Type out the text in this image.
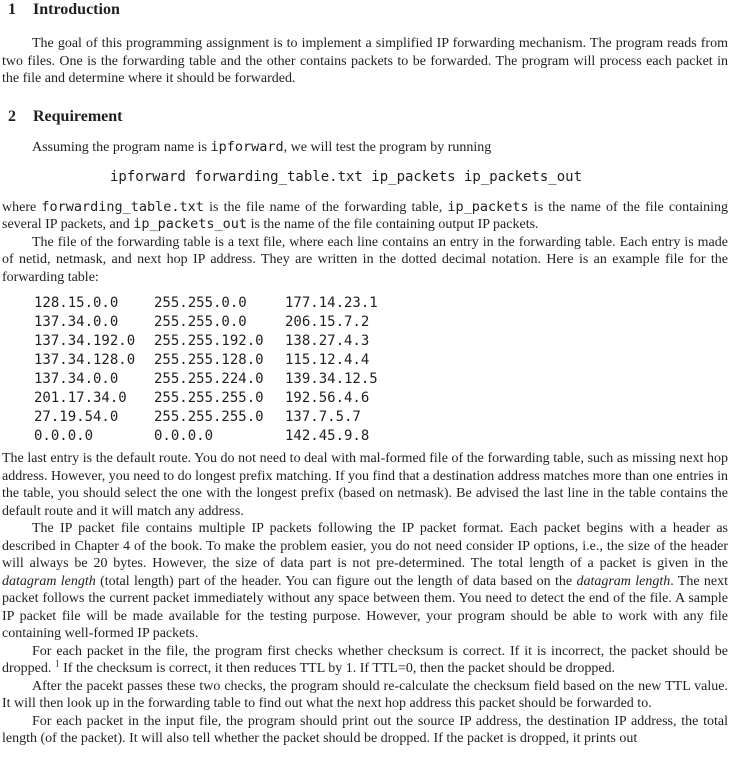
1 Introduction

The goal of this programming assignment is to implement a simplified IP forwarding mechanism. The program reads from two files. One is the forwarding table and the other contains packets to be forwarded. The program will process each packet in the file and determine where it should be forwarded.

2 Requirement

Assuming the program name is ipforward, we will test the program by running

ipforward forwarding_table.txt ip_packets ip_packets_out

where forwarding_table.txt is the file name of the forwarding table, ip_packets is the name of the file containing several IP packets, and ip_packets_out is the name of the file containing output IP packets.

The file of the forwarding table is a text file, where each line contains an entry in the forwarding table. Each entry is made of netid, netmask, and next hop IP address. They are written in the dotted decimal notation. Here is an example file for the forwarding table:

128.15.0.0	255.255.0.0	177.14.23.1
137.34.0.0	255.255.0.0	206.15.7.2
137.34.192.0 255.255.192.0 138.27.4.3
137.34.128.0 255.255.128.0 115.12.4.4
137.34.0.0	255.255.224.0 139.34.12.5
201.17.34.0 255.255.255.0 192.56.4.6
27.19.54.0	255.255.255.0 137.7.5.7
0.0.0.0	0.0.0.0	142.45.9.8

The last entry is the default route. You do not need to deal with mal-formed file of the forwarding table, such as missing next hop address. However, you need to do longest prefix matching. If you find that a destination address matches more than one entries in the table, you should select the one with the longest prefix (based on netmask). Be advised the last line in the table contains the default route and it will match any address.

The IP packet file contains multiple IP packets following the IP packet format. Each packet begins with a header as described in Chapter 4 of the book. To make the problem easier, you do not need consider IP options, i.e., the size of the header will always be 20 bytes. However, the size of data part is not pre-determined. The total length of a packet is given in the datagram length (total length) part of the header. You can figure out the length of data based on the datagram length. The next packet follows the current packet immediately without any space between them. You need to detect the end of the file. A sample IP packet file will be made available for the testing purpose. However, your program should be able to work with any file containing well-formed IP packets.

For each packet in the file, the program first checks whether checksum is correct. If it is incorrect, the packet should be dropped. $^1$ If the checksum is correct, it then reduces TTL by 1. If TTL=0, then the packet should be dropped.

After the pacekt passes these two checks, the program should re-calculate the checksum field based on the new TTL value. It will then look up in the forwarding table to find out what the next hop address this packet should be forwarded to.

For each packet in the input file, the program should print out the source IP address, the destination IP address, the total length (of the packet). It will also tell whether the packet should be dropped. If the packet is dropped, it prints out
